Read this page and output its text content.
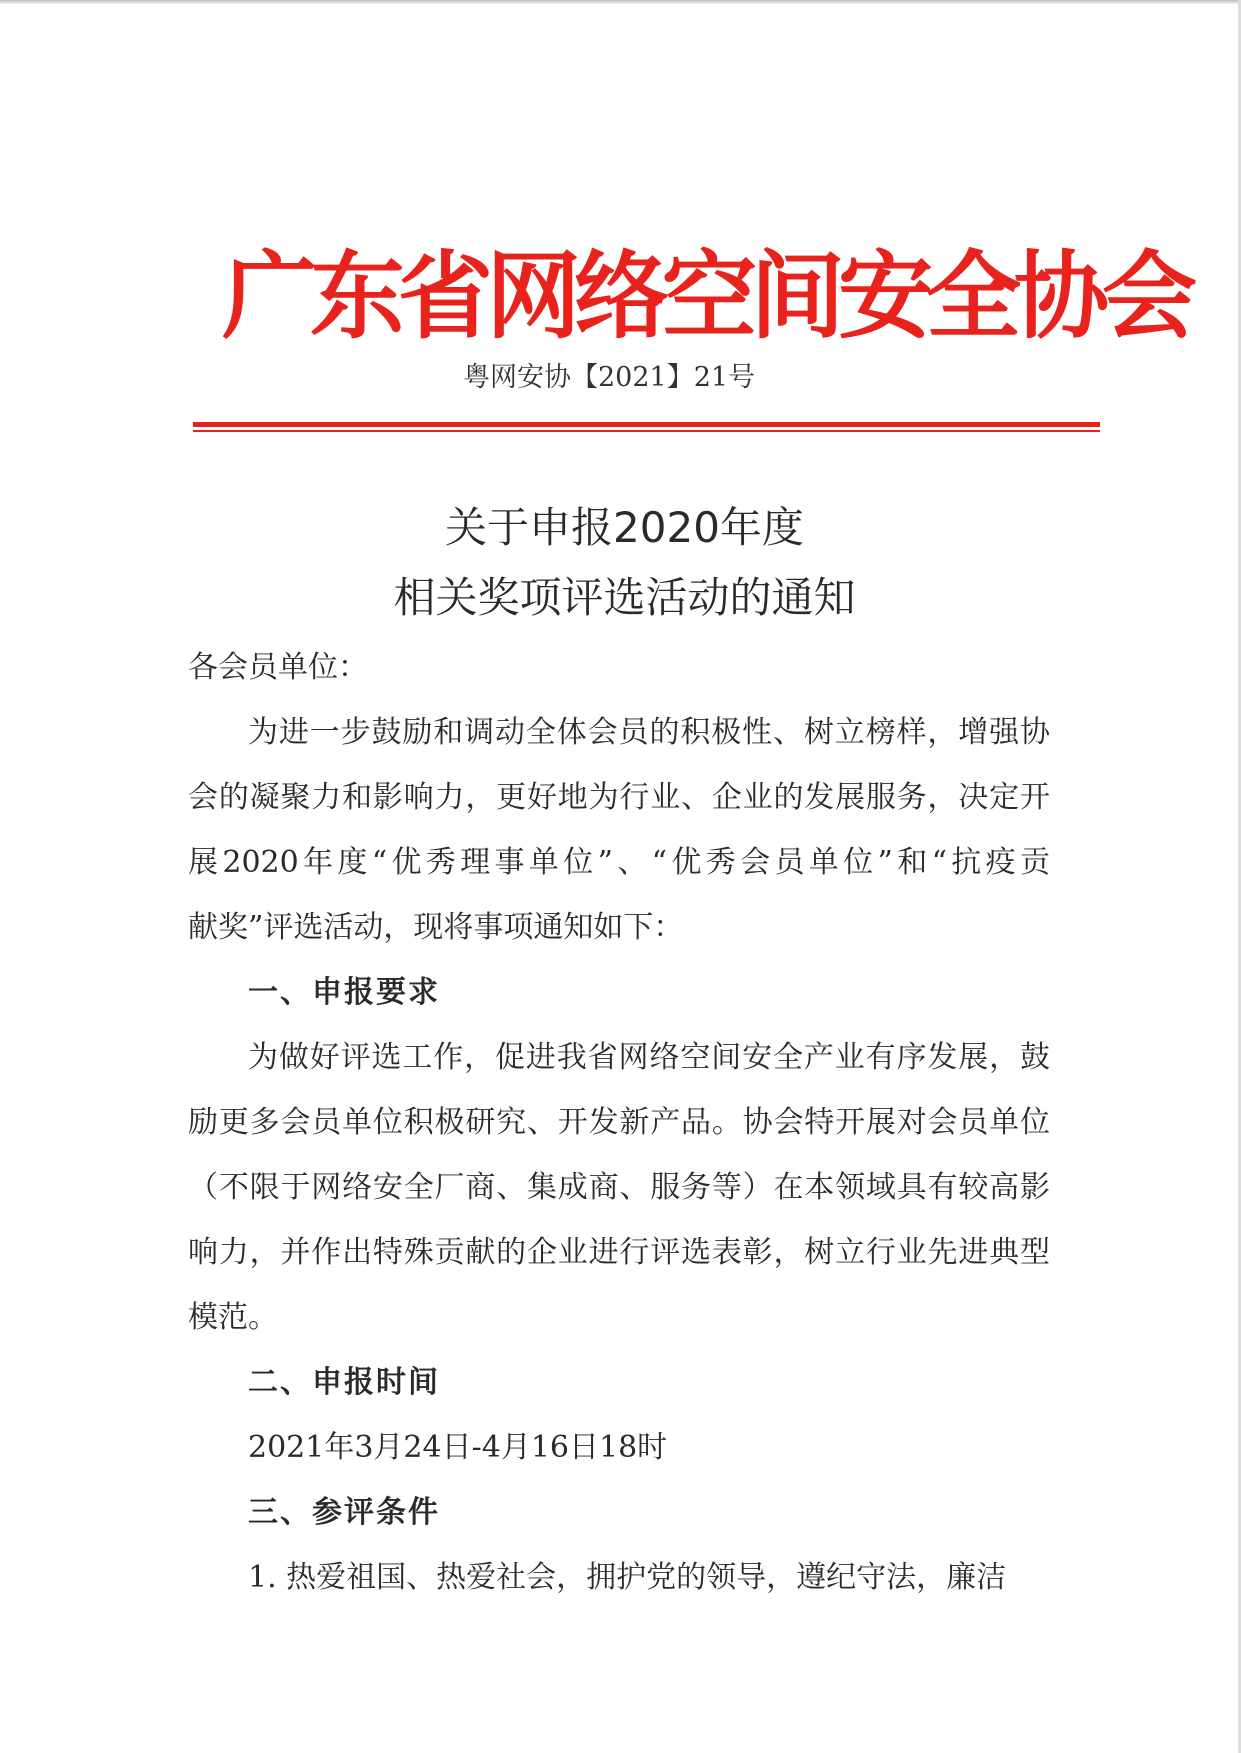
广东省网络空间安全协会
粤网安协【2021】21号
关于申报2020年度
相关奖项评选活动的通知
各会员单位：
为进一步鼓励和调动全体会员的积极性、树立榜样，增强协
会的凝聚力和影响力，更好地为行业、企业的发展服务，决定开
展2020年度“优秀理事单位”、“优秀会员单位”和“抗疫贡
献奖”评选活动，现将事项通知如下：
一、申报要求
为做好评选工作，促进我省网络空间安全产业有序发展，鼓
励更多会员单位积极研究、开发新产品。协会特开展对会员单位
（不限于网络安全厂商、集成商、服务等）在本领域具有较高影
响力，并作出特殊贡献的企业进行评选表彰，树立行业先进典型
模范。
二、申报时间
2021年3月24日-4月16日18时
三、参评条件
1. 热爱祖国、热爱社会，拥护党的领导，遵纪守法，廉洁
